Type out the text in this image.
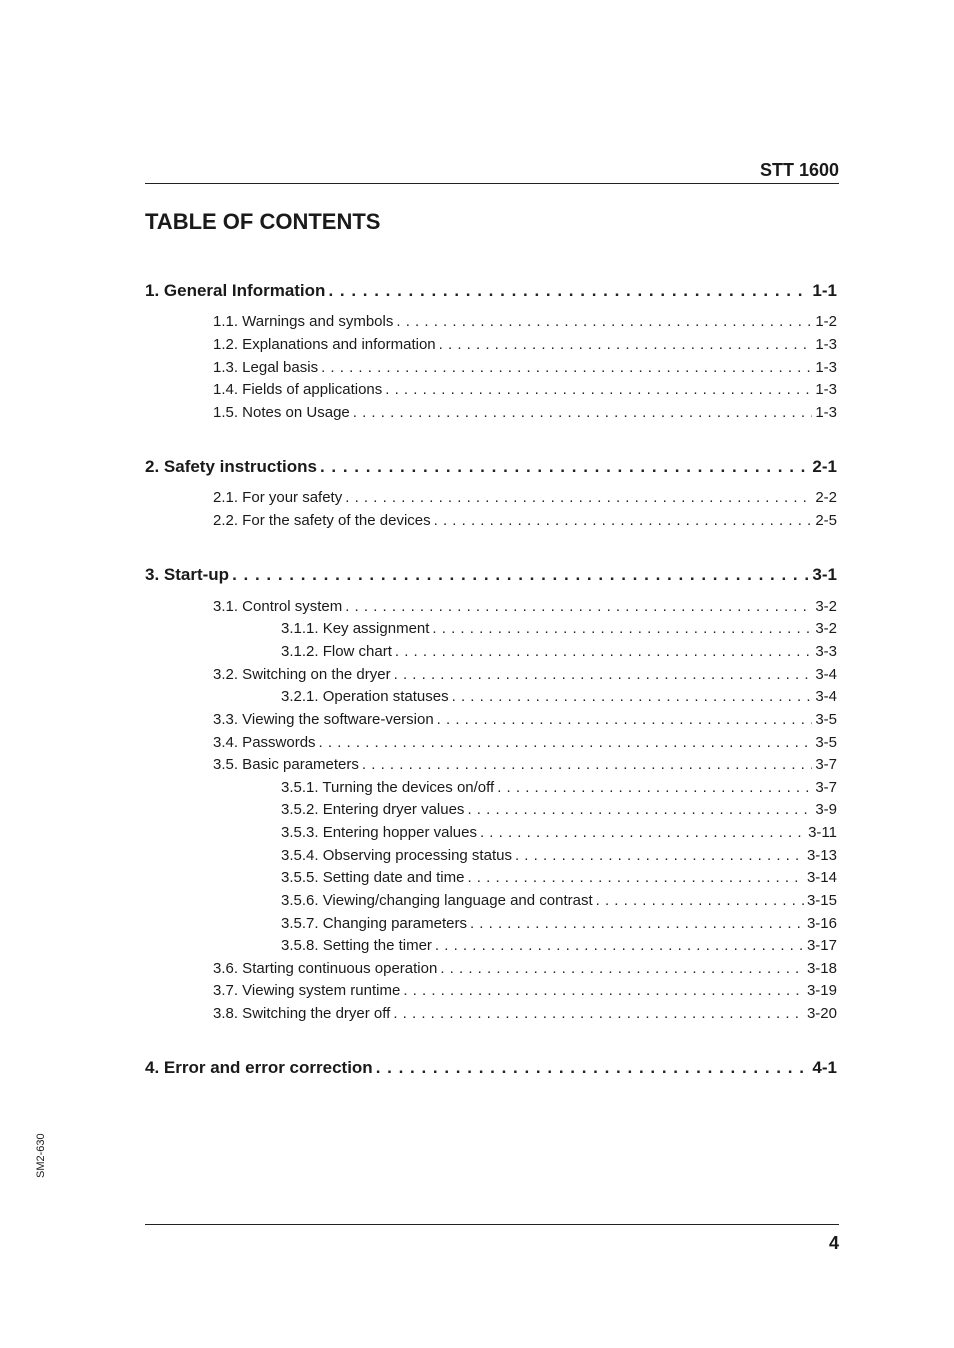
STT 1600
TABLE OF CONTENTS
1. General Information . . .	1-1
1.1. Warnings and symbols . . .	1-2
1.2. Explanations and information . . .	1-3
1.3. Legal basis . . .	1-3
1.4. Fields of applications . . .	1-3
1.5. Notes on Usage . . .	1-3
2. Safety instructions . . .	2-1
2.1. For your safety . . .	2-2
2.2. For the safety of the devices . . .	2-5
3. Start-up . . .	3-1
3.1. Control system . . .	3-2
3.1.1. Key assignment . . .	3-2
3.1.2. Flow chart . . .	3-3
3.2. Switching on the dryer . . .	3-4
3.2.1. Operation statuses . . .	3-4
3.3. Viewing the software-version . . .	3-5
3.4. Passwords . . .	3-5
3.5. Basic parameters . . .	3-7
3.5.1. Turning the devices on/off . . .	3-7
3.5.2. Entering dryer values . . .	3-9
3.5.3. Entering hopper values . . .	3-11
3.5.4. Observing processing status . . .	3-13
3.5.5. Setting date and time . . .	3-14
3.5.6. Viewing/changing language and contrast . . .	3-15
3.5.7. Changing parameters . . .	3-16
3.5.8. Setting the timer . . .	3-17
3.6. Starting continuous operation . . .	3-18
3.7. Viewing system runtime . . .	3-19
3.8. Switching the dryer off . . .	3-20
4. Error and error correction . . .	4-1
SM2-630
4
